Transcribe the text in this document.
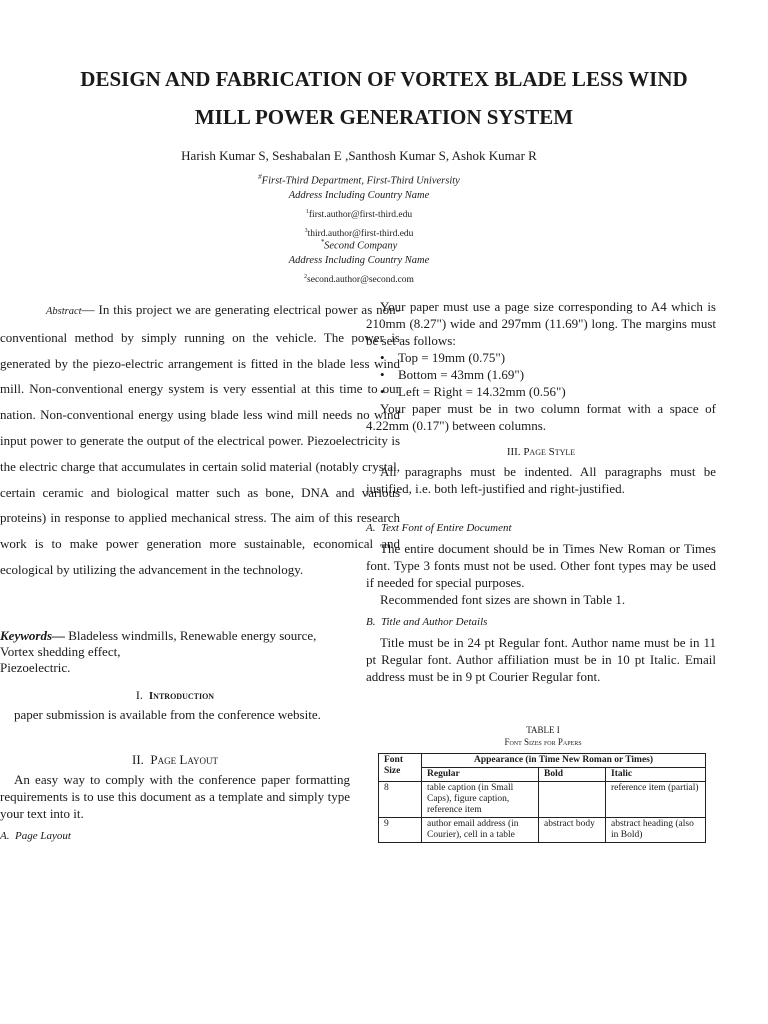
DESIGN AND FABRICATION OF VORTEX BLADE LESS WIND
MILL POWER GENERATION SYSTEM
Harish Kumar S, Seshabalan E ,Santhosh Kumar S, Ashok Kumar R
#First-Third Department, First-Third University
Address Including Country Name
$^1$first.author@first-third.edu
$^3$third.author@first-third.edu
*Second Company
Address Including Country Name
$^2$second.author@second.com

Abstract— In this project we are generating electrical power as non-conventional method by simply running on the vehicle. The power is generated by the piezo-electric arrangement is fitted in the blade less wind mill. Non-conventional energy system is very essential at this time to our nation. Non-conventional energy using blade less wind mill needs no wind input power to generate the output of the electrical power. Piezoelectricity is the electric charge that accumulates in certain solid material (notably crystal, certain ceramic and biological matter such as bone, DNA and various proteins) in response to applied mechanical stress. The aim of this research work is to make power generation more sustainable, economical and ecological by utilizing the advancement in the technology.

Keywords— Bladeless windmills, Renewable energy source, Vortex shedding effect,
Piezoelectric.
I. Introduction

paper submission is available from the conference website.

II. Page Layout

An easy way to comply with the conference paper formatting requirements is to use this document as a template and simply type your text into it.

A. Page Layout

Your paper must use a page size corresponding to A4 which is 210mm (8.27") wide and 297mm (11.69") long. The margins must be set as follows:

• Top = 19mm (0.75")
• Bottom = 43mm (1.69")
• Left = Right = 14.32mm (0.56")

Your paper must be in two column format with a space of 4.22mm (0.17") between columns.

III. Page Style

All paragraphs must be indented. All paragraphs must be justified, i.e. both left-justified and right-justified.

A. Text Font of Entire Document

The entire document should be in Times New Roman or Times font. Type 3 fonts must not be used. Other font types may be used if needed for special purposes.

Recommended font sizes are shown in Table 1.

B. Title and Author Details

Title must be in 24 pt Regular font. Author name must be in 11 pt Regular font. Author affiliation must be in 10 pt Italic. Email address must be in 9 pt Courier Regular font.

TABLE I
Font Sizes for Papers
Font Size	Appearance (in Time New Roman or Times)		
	Regular	Bold	Italic
8	table caption (in Small Caps), figure caption, reference item		reference item (partial)
9	author email address (in Courier), cell in a table	abstract body	abstract heading (also in Bold)
